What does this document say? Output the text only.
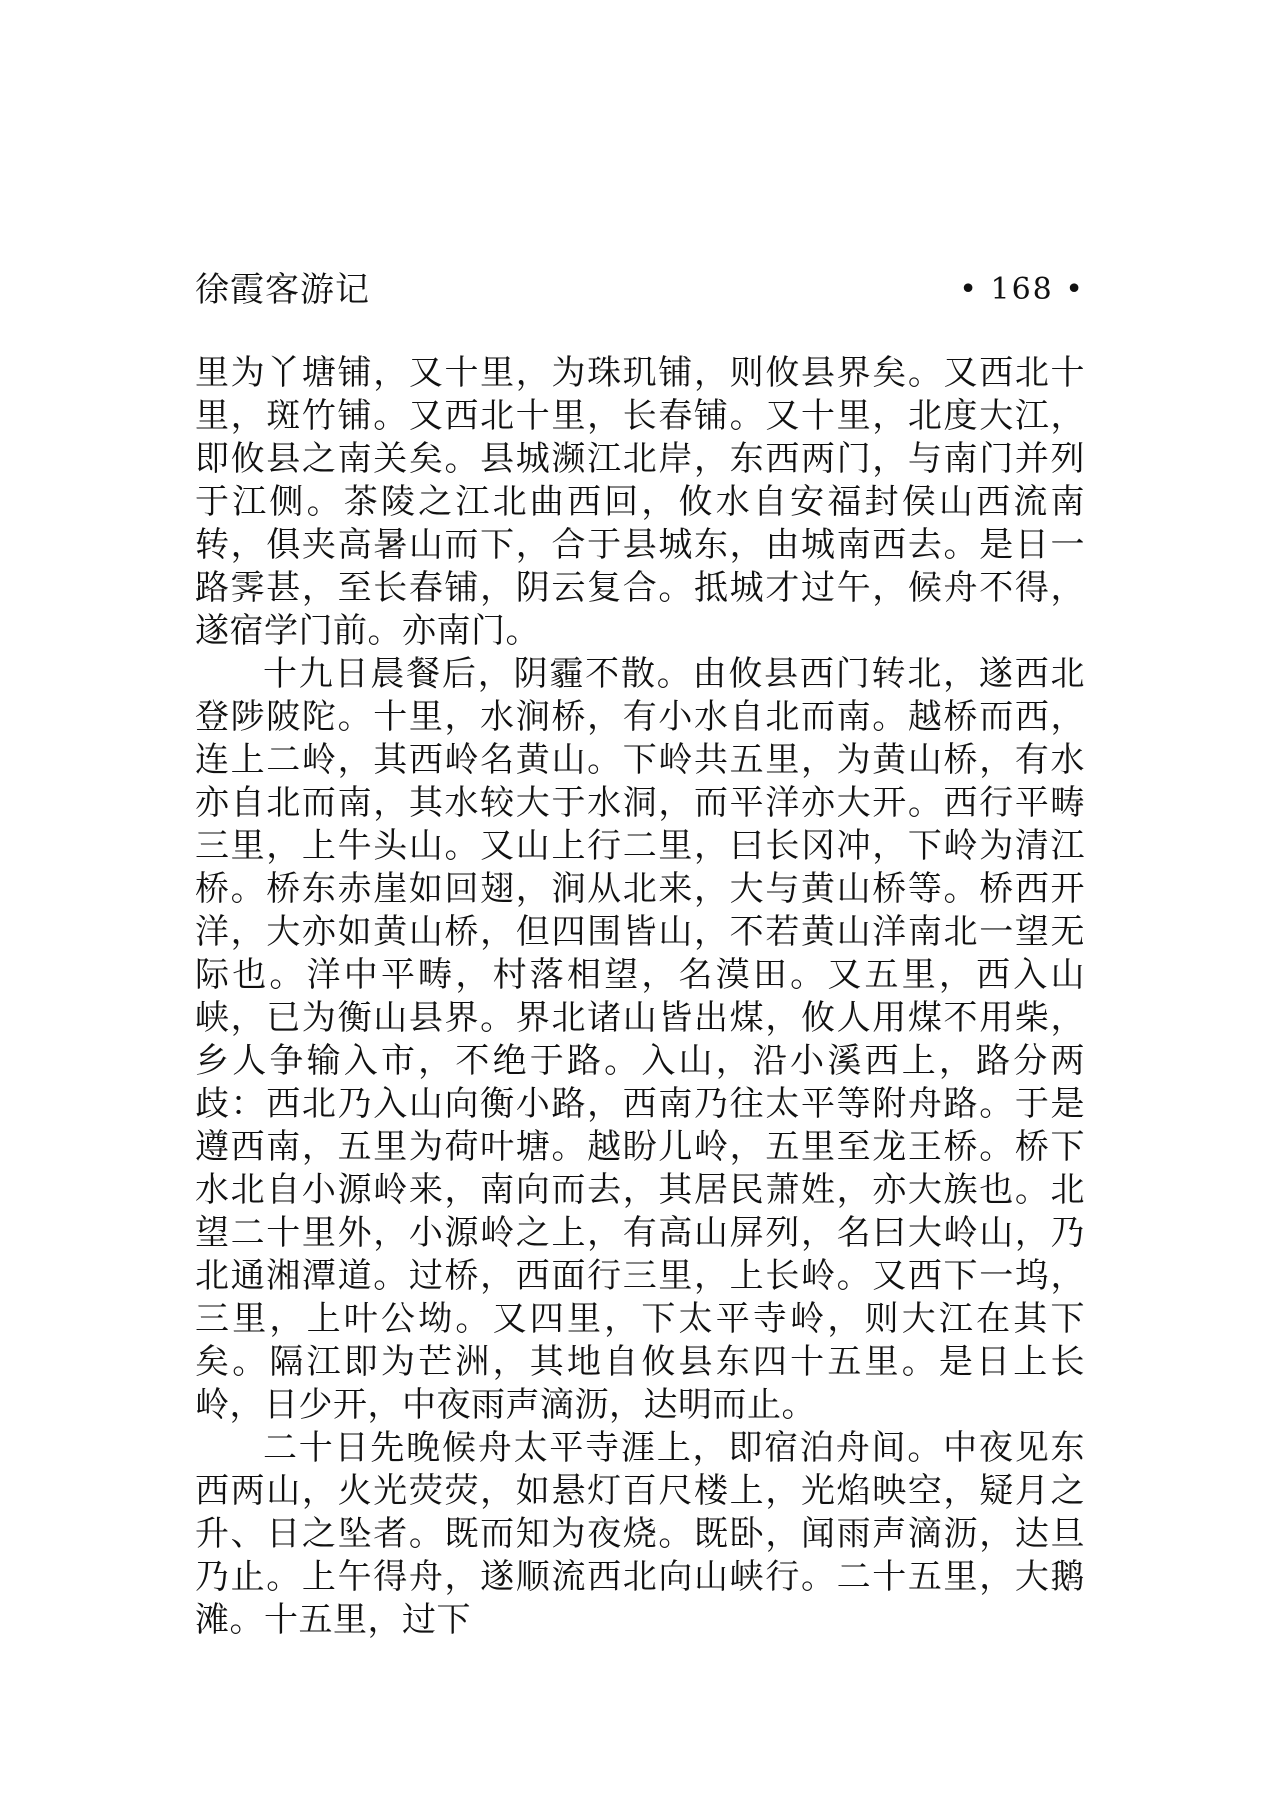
徐霞客游记	• 168 •

里为丫塘铺，又十里，为珠玑铺，则攸县界矣。又西北十里，斑竹铺。又西北十里，长春铺。又十里，北度大江，即攸县之南关矣。县城濒江北岸，东西两门，与南门并列于江侧。茶陵之江北曲西回，攸水自安福封侯山西流南转，俱夹高暑山而下，合于县城东，由城南西去。是日一路霁甚，至长春铺，阴云复合。抵城才过午，候舟不得，遂宿学门前。亦南门。

十九日晨餐后，阴霾不散。由攸县西门转北，遂西北登陟陂陀。十里，水涧桥，有小水自北而南。越桥而西，连上二岭，其西岭名黄山。下岭共五里，为黄山桥，有水亦自北而南，其水较大于水洞，而平洋亦大开。西行平畴三里，上牛头山。又山上行二里，曰长冈冲，下岭为清江桥。桥东赤崖如回翅，涧从北来，大与黄山桥等。桥西开洋，大亦如黄山桥，但四围皆山，不若黄山洋南北一望无际也。洋中平畴，村落相望，名漠田。又五里，西入山峡，已为衡山县界。界北诸山皆出煤，攸人用煤不用柴，乡人争输入市，不绝于路。入山，沿小溪西上，路分两歧：西北乃入山向衡小路，西南乃往太平等附舟路。于是遵西南，五里为荷叶塘。越盼儿岭，五里至龙王桥。桥下水北自小源岭来，南向而去，其居民萧姓，亦大族也。北望二十里外，小源岭之上，有高山屏列，名曰大岭山，乃北通湘潭道。过桥，西面行三里，上长岭。又西下一坞，三里，上叶公坳。又四里，下太平寺岭，则大江在其下矣。隔江即为芒洲，其地自攸县东四十五里。是日上长岭，日少开，中夜雨声滴沥，达明而止。

二十日先晚候舟太平寺涯上，即宿泊舟间。中夜见东西两山，火光荧荧，如悬灯百尺楼上，光焰映空，疑月之升、日之坠者。既而知为夜烧。既卧，闻雨声滴沥，达旦乃止。上午得舟，遂顺流西北向山峡行。二十五里，大鹅滩。十五里，过下
